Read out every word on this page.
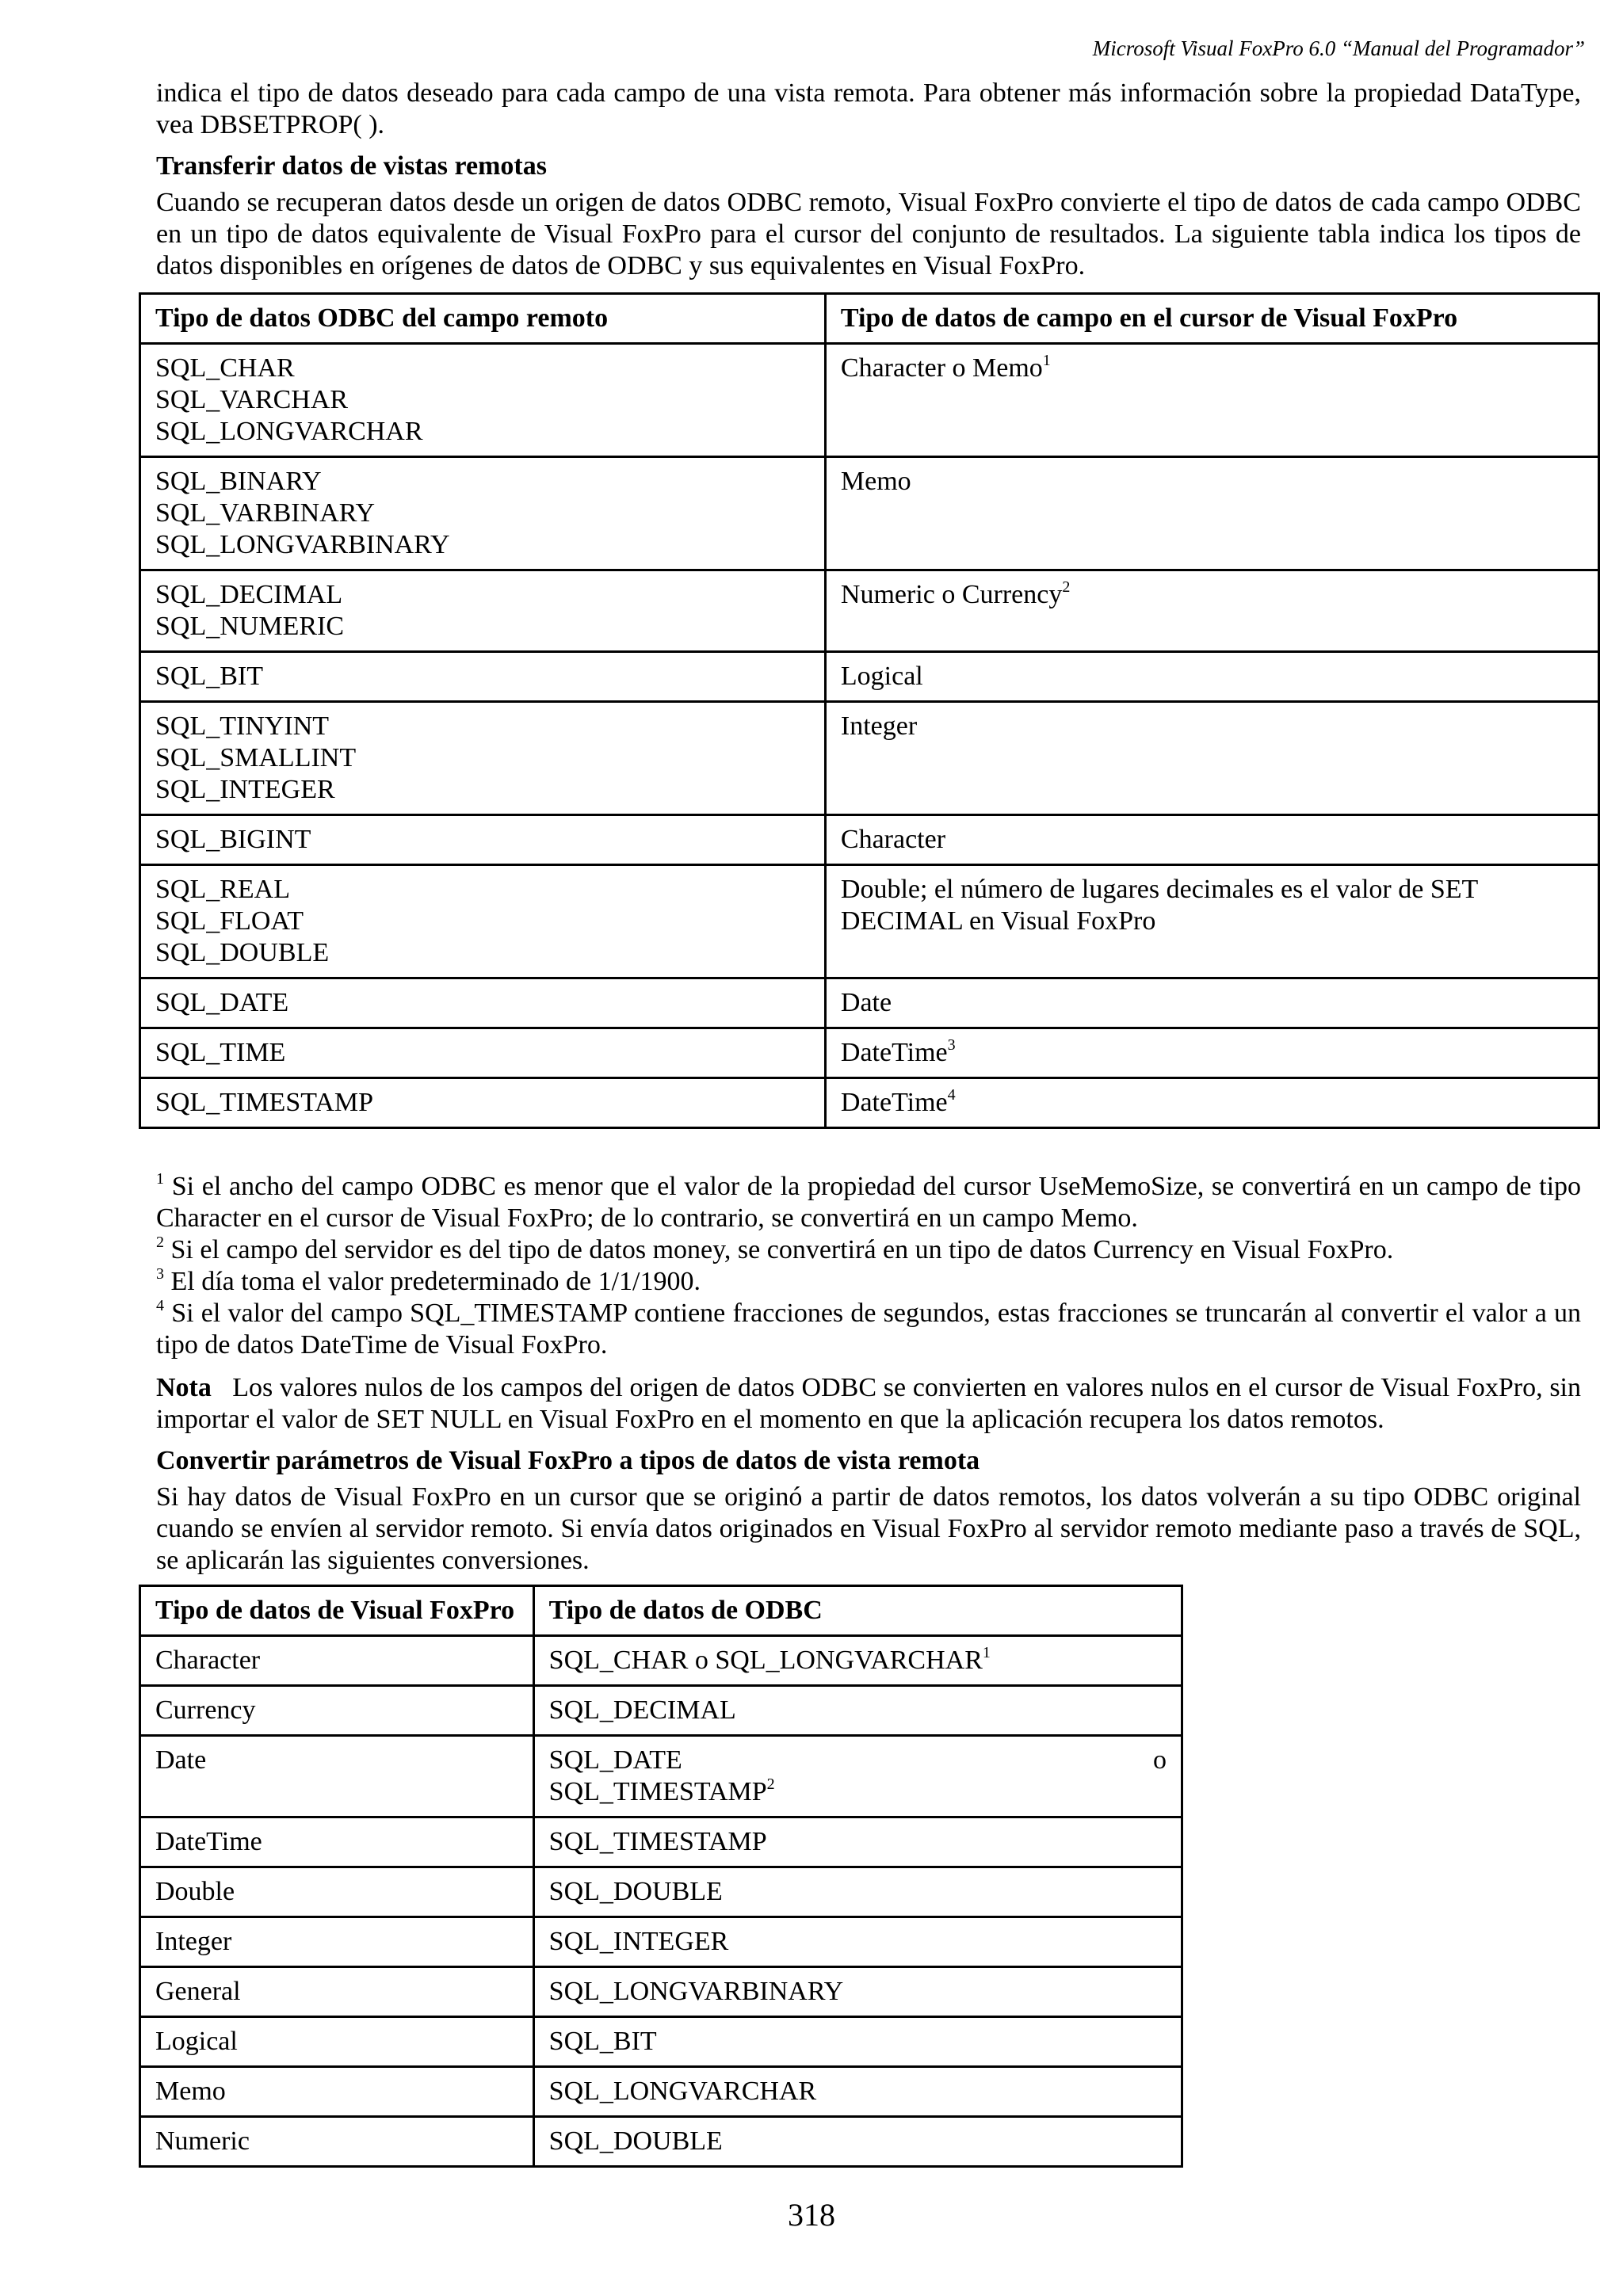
Microsoft Visual FoxPro 6.0 “Manual del Programador”
indica el tipo de datos deseado para cada campo de una vista remota. Para obtener más información sobre la propiedad DataType, vea DBSETPROP( ).
Transferir datos de vistas remotas
Cuando se recuperan datos desde un origen de datos ODBC remoto, Visual FoxPro convierte el tipo de datos de cada campo ODBC en un tipo de datos equivalente de Visual FoxPro para el cursor del conjunto de resultados. La siguiente tabla indica los tipos de datos disponibles en orígenes de datos de ODBC y sus equivalentes en Visual FoxPro.
Tipo de datos ODBC del campo remoto	Tipo de datos de campo en el cursor de Visual FoxPro
SQL_CHAR
SQL_VARCHAR
SQL_LONGVARCHAR	Character o Memo$^1$
SQL_BINARY
SQL_VARBINARY
SQL_LONGVARBINARY	Memo
SQL_DECIMAL
SQL_NUMERIC	Numeric o Currency$^2$
SQL_BIT	Logical
SQL_TINYINT
SQL_SMALLINT
SQL_INTEGER	Integer
SQL_BIGINT	Character
SQL_REAL
SQL_FLOAT
SQL_DOUBLE	Double; el número de lugares decimales es el valor de SET DECIMAL en Visual FoxPro
SQL_DATE	Date
SQL_TIME	DateTime$^3$
SQL_TIMESTAMP	DateTime$^4$
$^1$ Si el ancho del campo ODBC es menor que el valor de la propiedad del cursor UseMemoSize, se convertirá en un campo de tipo Character en el cursor de Visual FoxPro; de lo contrario, se convertirá en un campo Memo.
$^2$ Si el campo del servidor es del tipo de datos money, se convertirá en un tipo de datos Currency en Visual FoxPro.
$^3$ El día toma el valor predeterminado de 1/1/1900.
$^4$ Si el valor del campo SQL_TIMESTAMP contiene fracciones de segundos, estas fracciones se truncarán al convertir el valor a un tipo de datos DateTime de Visual FoxPro.
Nota Los valores nulos de los campos del origen de datos ODBC se convierten en valores nulos en el cursor de Visual FoxPro, sin importar el valor de SET NULL en Visual FoxPro en el momento en que la aplicación recupera los datos remotos.
Convertir parámetros de Visual FoxPro a tipos de datos de vista remota
Si hay datos de Visual FoxPro en un cursor que se originó a partir de datos remotos, los datos volverán a su tipo ODBC original cuando se envíen al servidor remoto. Si envía datos originados en Visual FoxPro al servidor remoto mediante paso a través de SQL, se aplicarán las siguientes conversiones.
Tipo de datos de Visual FoxPro	Tipo de datos de ODBC
Character	SQL_CHAR o SQL_LONGVARCHAR$^1$
Currency	SQL_DECIMAL
Date	SQL_DATE o
SQL_TIMESTAMP$^2$

DateTime	SQL_TIMESTAMP
Double	SQL_DOUBLE
Integer	SQL_INTEGER
General	SQL_LONGVARBINARY
Logical	SQL_BIT
Memo	SQL_LONGVARCHAR
Numeric	SQL_DOUBLE
318
